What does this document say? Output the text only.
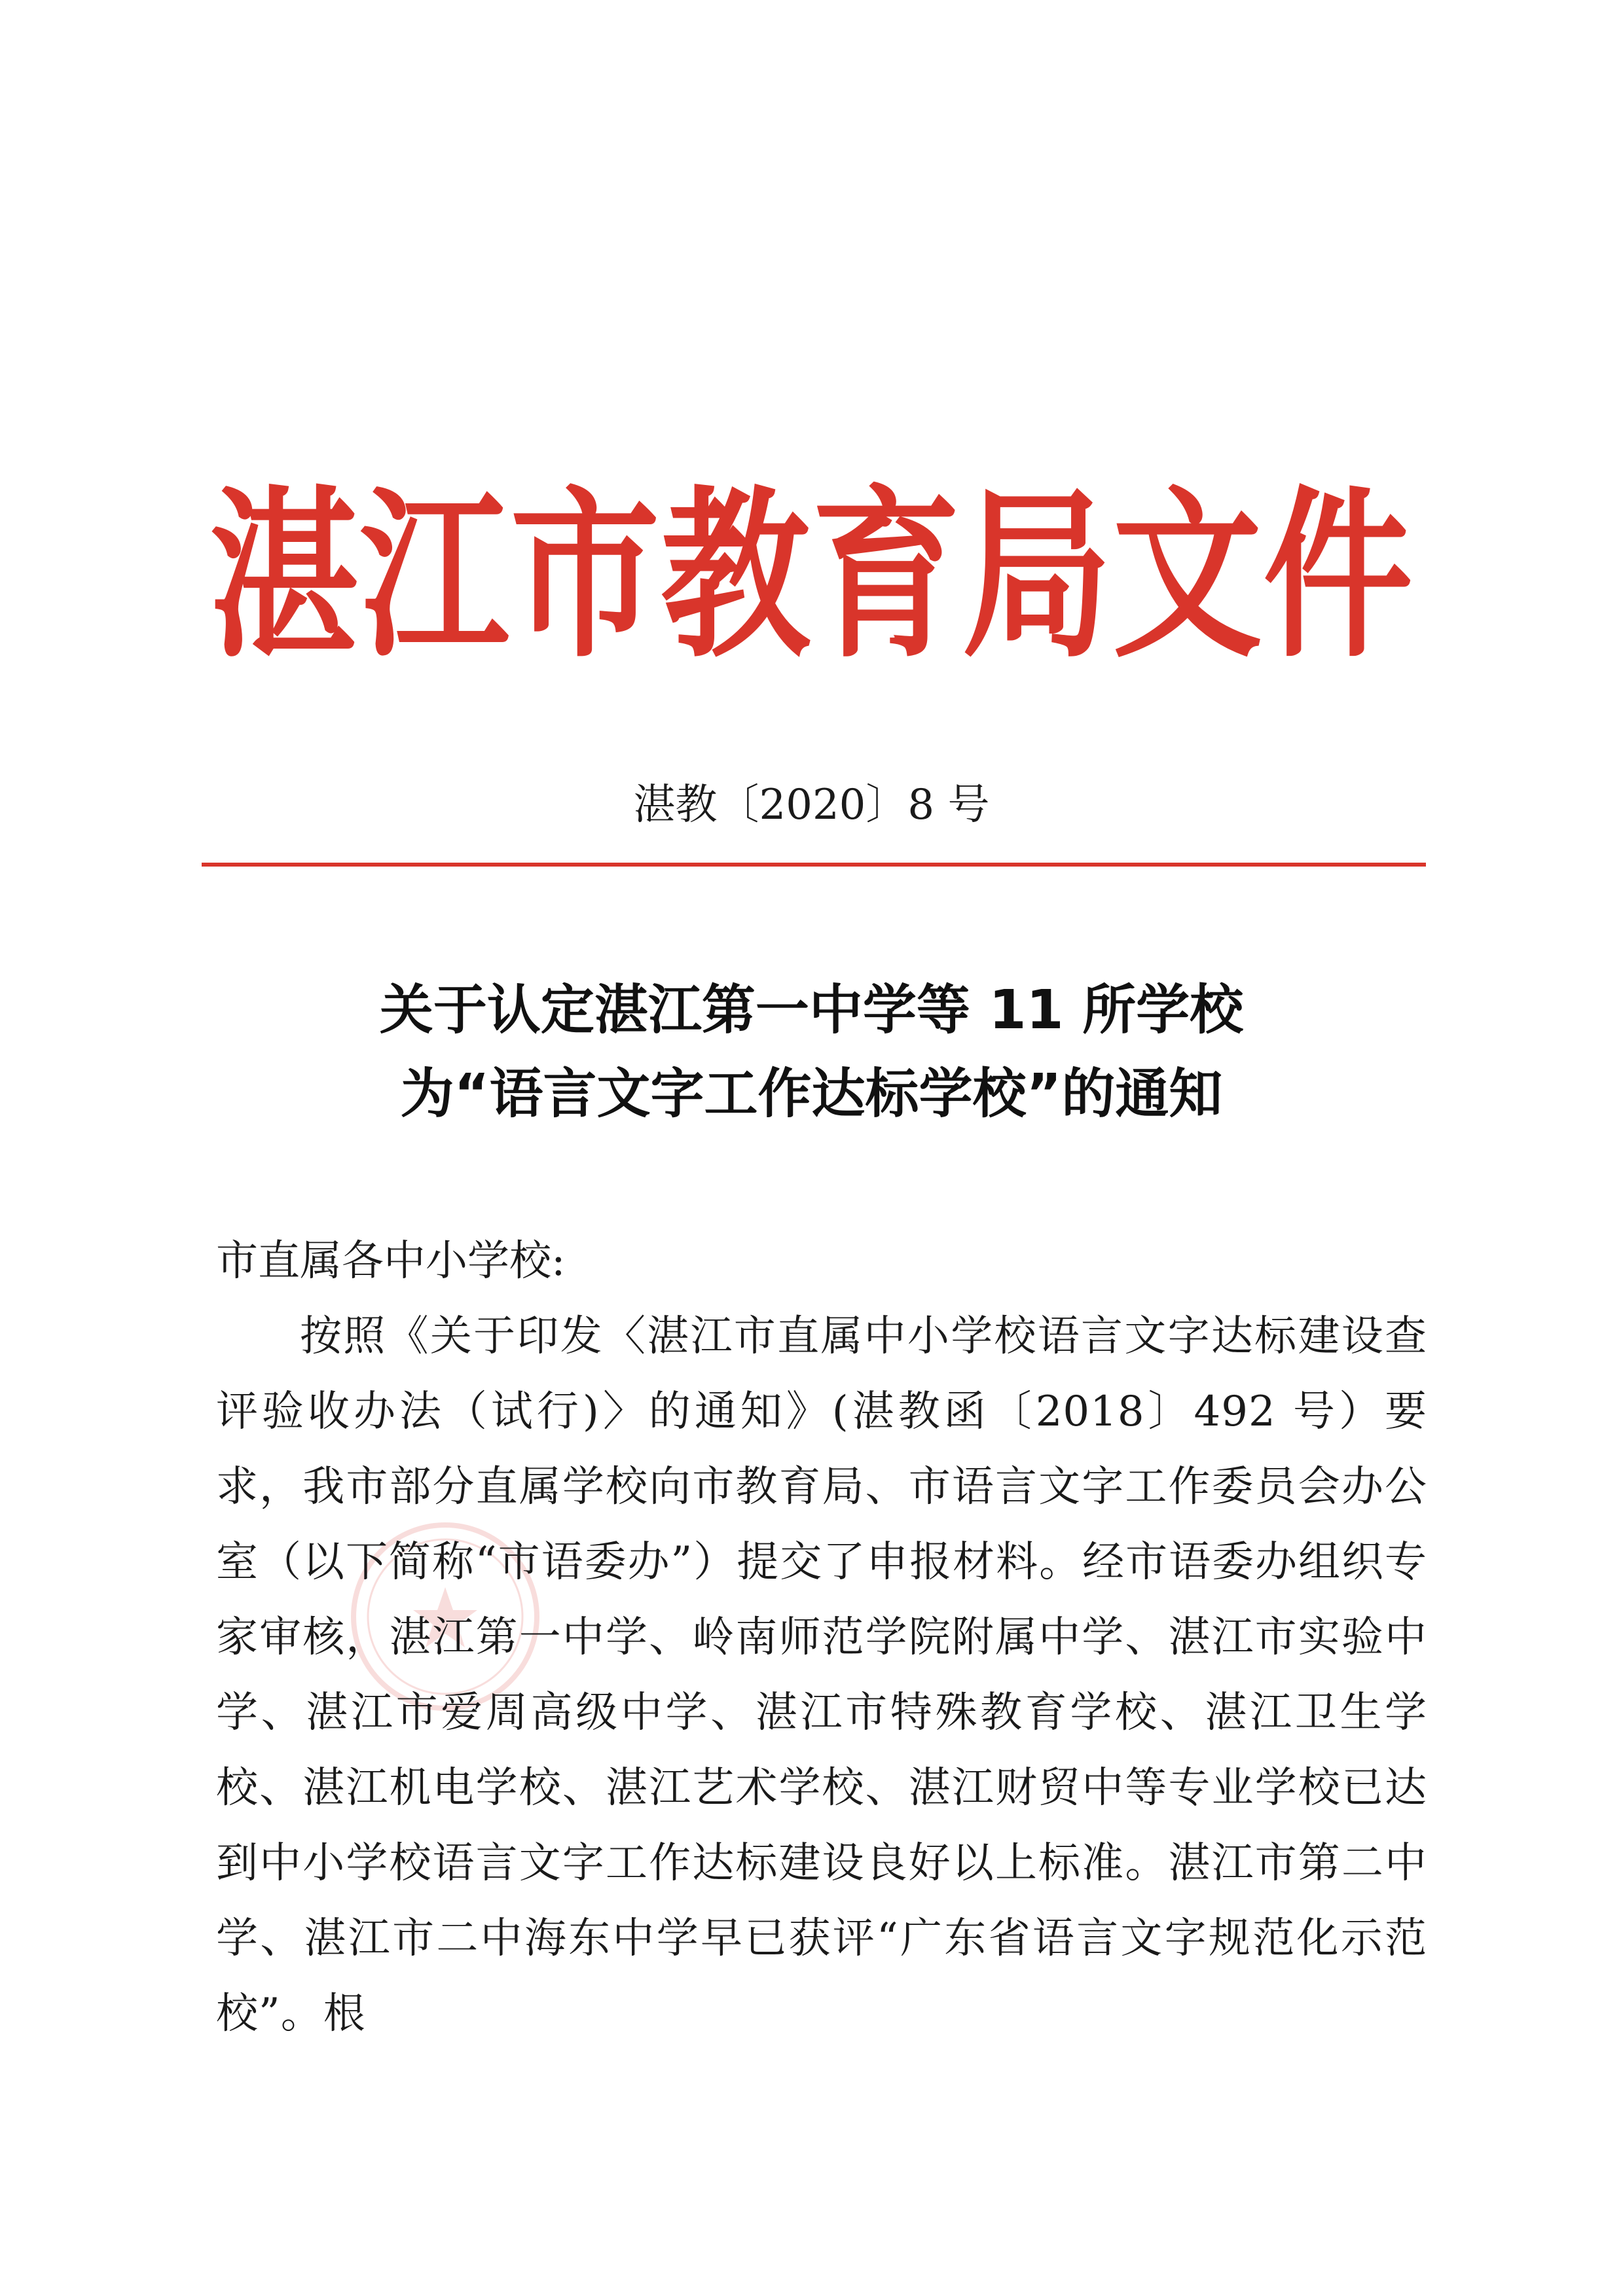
湛江市教育局文件
湛教〔2020〕8 号
关于认定湛江第一中学等 11 所学校
为“语言文字工作达标学校”的通知
市直属各中小学校:
按照《关于印发〈湛江市直属中小学校语言文字达标建设查评验收办法（试行)〉的通知》(湛教函〔2018〕492 号）要求，我市部分直属学校向市教育局、市语言文字工作委员会办公室（以下简称“市语委办”）提交了申报材料。经市语委办组织专家审核，湛江第一中学、岭南师范学院附属中学、湛江市实验中学、湛江市爱周高级中学、湛江市特殊教育学校、湛江卫生学校、湛江机电学校、湛江艺术学校、湛江财贸中等专业学校已达到中小学校语言文字工作达标建设良好以上标准。湛江市第二中学、湛江市二中海东中学早已获评“广东省语言文字规范化示范校”。根
